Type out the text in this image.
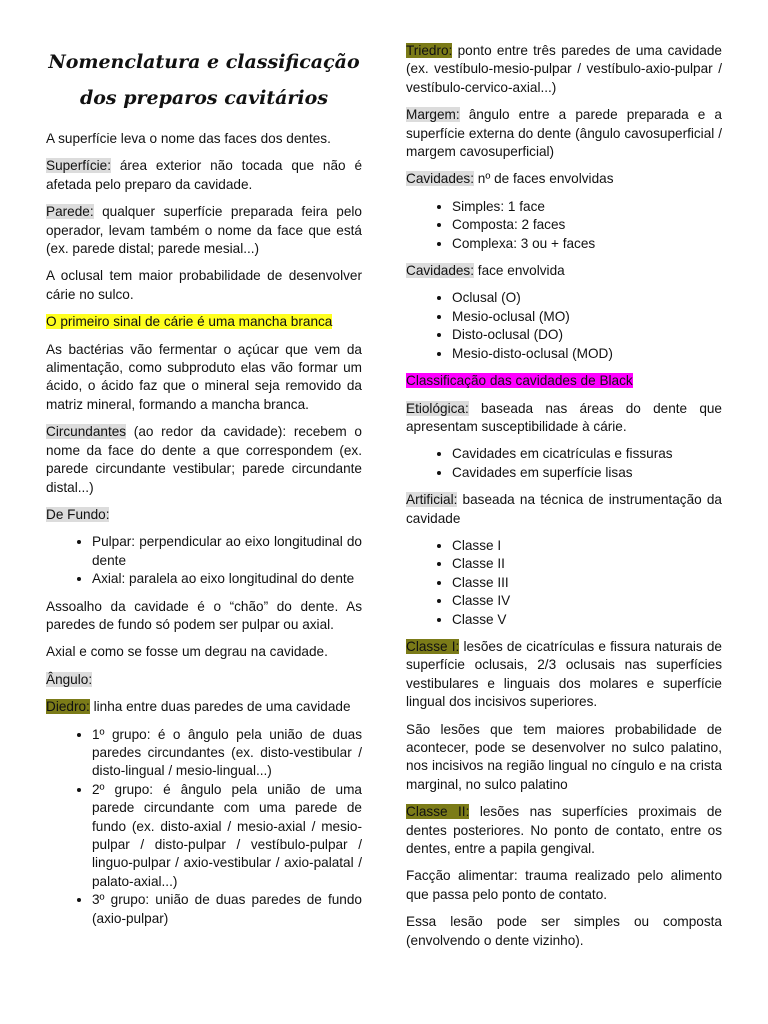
Nomenclatura e classificação
dos preparos cavitários

A superfície leva o nome das faces dos dentes.

Superfície: área exterior não tocada que não é afetada pelo preparo da cavidade.

Parede: qualquer superfície preparada feira pelo operador, levam também o nome da face que está (ex. parede distal; parede mesial...)

A oclusal tem maior probabilidade de desenvolver cárie no sulco.

O primeiro sinal de cárie é uma mancha branca

As bactérias vão fermentar o açúcar que vem da alimentação, como subproduto elas vão formar um ácido, o ácido faz que o mineral seja removido da matriz mineral, formando a mancha branca.

Circundantes (ao redor da cavidade): recebem o nome da face do dente a que correspondem (ex. parede circundante vestibular; parede circundante distal...)

De Fundo:

• Pulpar: perpendicular ao eixo longitudinal do dente
• Axial: paralela ao eixo longitudinal do dente

Assoalho da cavidade é o “chão” do dente. As paredes de fundo só podem ser pulpar ou axial.

Axial e como se fosse um degrau na cavidade.

Ângulo:

Diedro: linha entre duas paredes de uma cavidade

• 1º grupo: é o ângulo pela união de duas paredes circundantes (ex. disto-vestibular / disto-lingual / mesio-lingual...)
• 2º grupo: é ângulo pela união de uma parede circundante com uma parede de fundo (ex. disto-axial / mesio-axial / mesio-pulpar / disto-pulpar / vestíbulo-pulpar / linguo-pulpar / axio-vestibular / axio-palatal / palato-axial...)
• 3º grupo: união de duas paredes de fundo (axio-pulpar)

Triedro: ponto entre três paredes de uma cavidade (ex. vestíbulo-mesio-pulpar / vestíbulo-axio-pulpar / vestíbulo-cervico-axial...)

Margem: ângulo entre a parede preparada e a superfície externa do dente (ângulo cavosuperficial / margem cavosuperficial)

Cavidades: nº de faces envolvidas

• Simples: 1 face
• Composta: 2 faces
• Complexa: 3 ou + faces

Cavidades: face envolvida

• Oclusal (O)
• Mesio-oclusal (MO)
• Disto-oclusal (DO)
• Mesio-disto-oclusal (MOD)

Classificação das cavidades de Black

Etiológica: baseada nas áreas do dente que apresentam susceptibilidade à cárie.

• Cavidades em cicatrículas e fissuras
• Cavidades em superfície lisas

Artificial: baseada na técnica de instrumentação da cavidade

• Classe I
• Classe II
• Classe III
• Classe IV
• Classe V

Classe I: lesões de cicatrículas e fissura naturais de superfície oclusais, 2/3 oclusais nas superfícies vestibulares e linguais dos molares e superfície lingual dos incisivos superiores.

São lesões que tem maiores probabilidade de acontecer, pode se desenvolver no sulco palatino, nos incisivos na região lingual no cíngulo e na crista marginal, no sulco palatino

Classe II: lesões nas superfícies proximais de dentes posteriores. No ponto de contato, entre os dentes, entre a papila gengival.

Facção alimentar: trauma realizado pelo alimento que passa pelo ponto de contato.

Essa lesão pode ser simples ou composta (envolvendo o dente vizinho).
